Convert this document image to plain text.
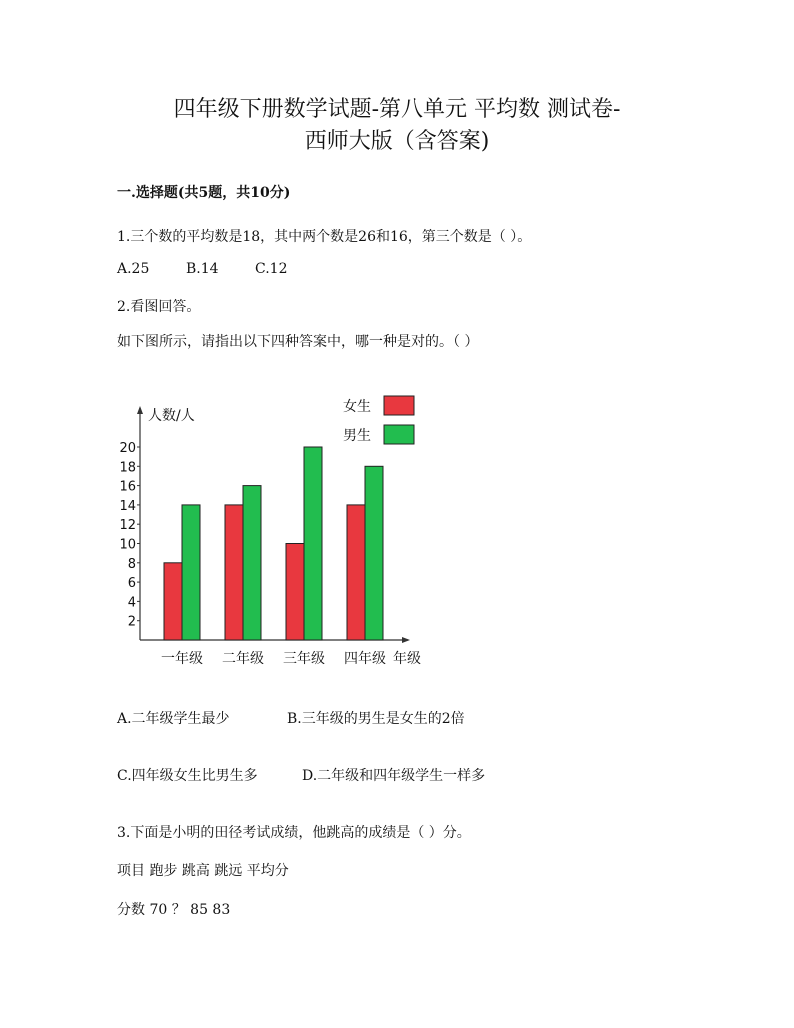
四年级下册数学试题-第八单元 平均数 测试卷-
西师大版（含答案)
一.选择题(共5题，共10分)
1.三个数的平均数是18，其中两个数是26和16，第三个数是（ ）。
A.25	B.14	C.12
2.看图回答。
如下图所示，请指出以下四种答案中，哪一种是对的。（ ）
人数/人
2
4
6
8
10
12
14
16
18
20
一年级 二年级 三年级 四年级 年级
女生
男生
A.二年级学生最少	B.三年级的男生是女生的2倍
C.四年级女生比男生多	D.二年级和四年级学生一样多
3.下面是小明的田径考试成绩，他跳高的成绩是（ ）分。
项目 跑步 跳高 跳远 平均分
分数 70 ？ 85 83
